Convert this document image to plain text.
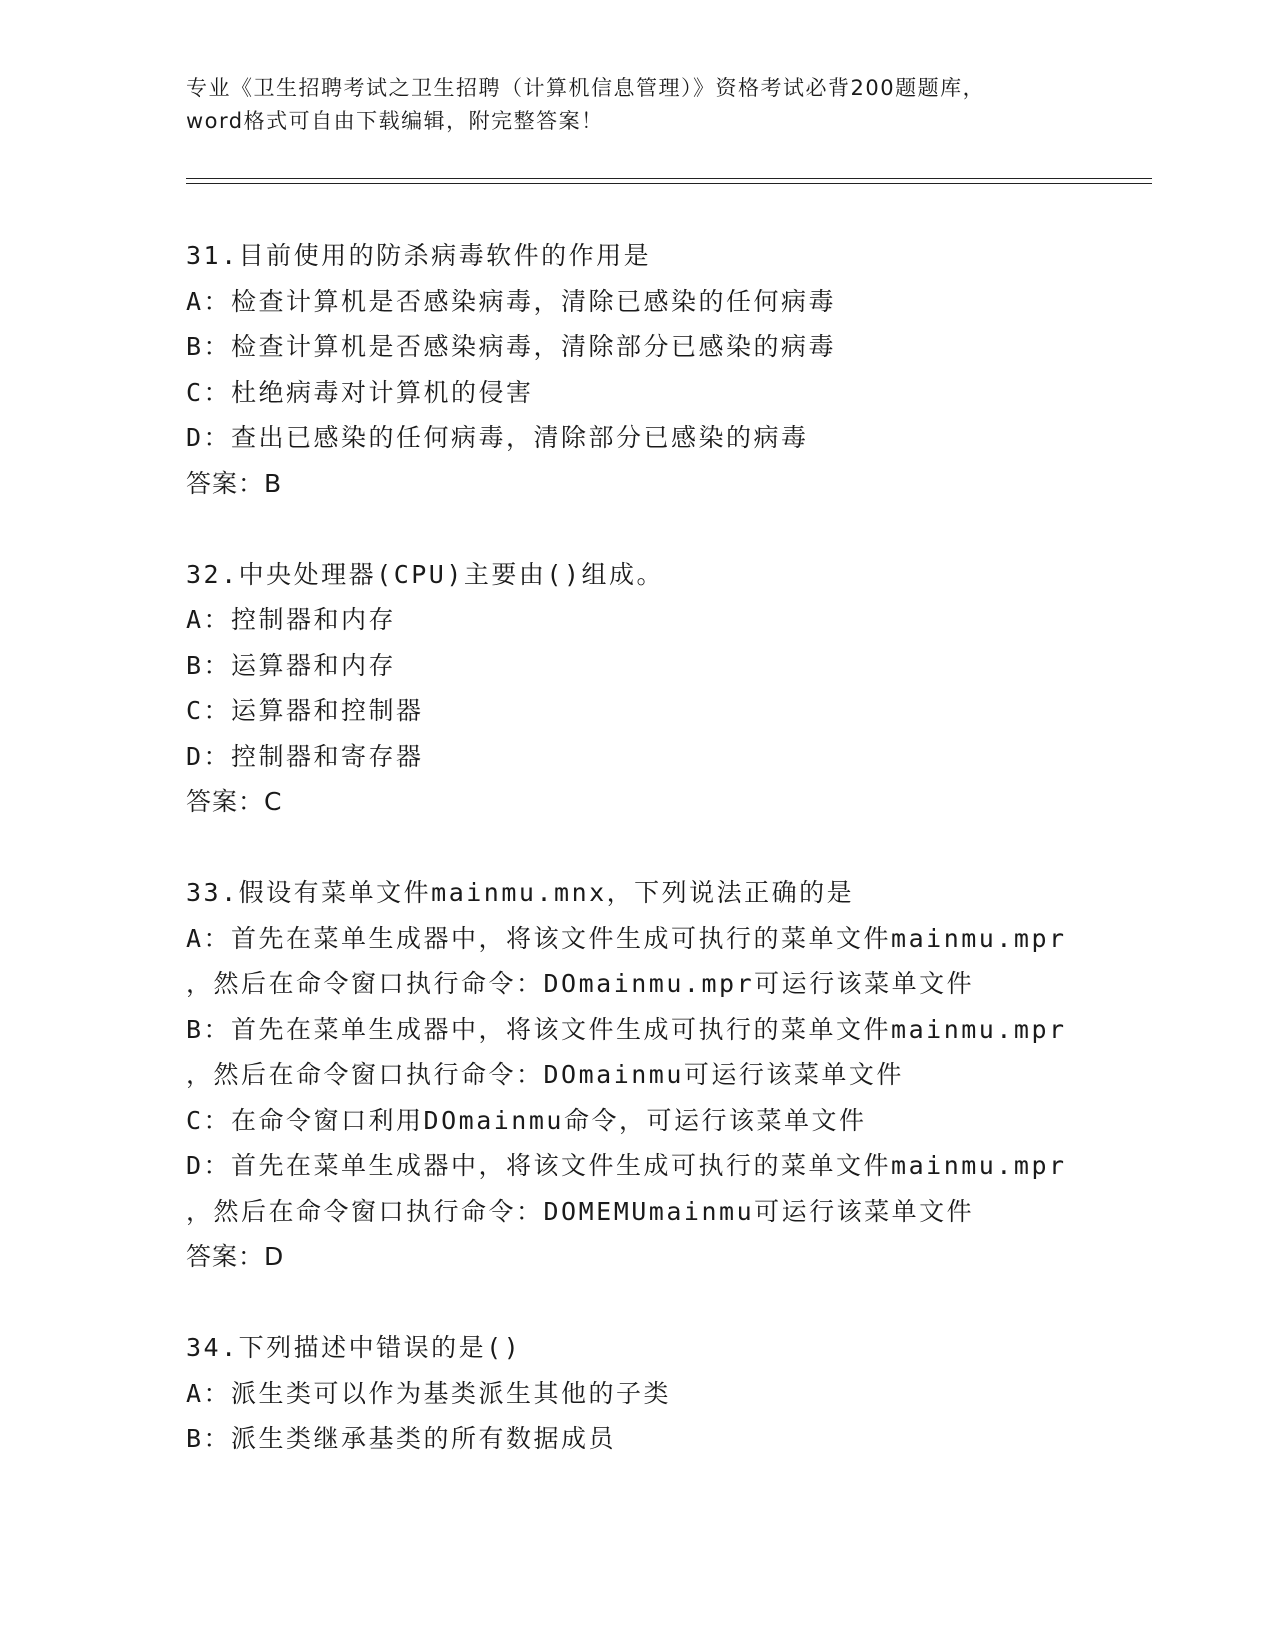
专业《卫生招聘考试之卫生招聘（计算机信息管理）》资格考试必背200题题库，

word格式可自由下载编辑，附完整答案！

31.目前使用的防杀病毒软件的作用是
A：检查计算机是否感染病毒，清除已感染的任何病毒
B：检查计算机是否感染病毒，清除部分已感染的病毒
C：杜绝病毒对计算机的侵害
D：查出已感染的任何病毒，清除部分已感染的病毒
答案：B
32.中央处理器(CPU)主要由()组成。
A：控制器和内存
B：运算器和内存
C：运算器和控制器
D：控制器和寄存器
答案：C
33.假设有菜单文件mainmu.mnx，下列说法正确的是
A：首先在菜单生成器中，将该文件生成可执行的菜单文件mainmu.mpr
，然后在命令窗口执行命令：DOmainmu.mpr可运行该菜单文件
B：首先在菜单生成器中，将该文件生成可执行的菜单文件mainmu.mpr
，然后在命令窗口执行命令：DOmainmu可运行该菜单文件
C：在命令窗口利用DOmainmu命令，可运行该菜单文件
D：首先在菜单生成器中，将该文件生成可执行的菜单文件mainmu.mpr
，然后在命令窗口执行命令：DOMEMUmainmu可运行该菜单文件
答案：D
34.下列描述中错误的是()
A：派生类可以作为基类派生其他的子类
B：派生类继承基类的所有数据成员
